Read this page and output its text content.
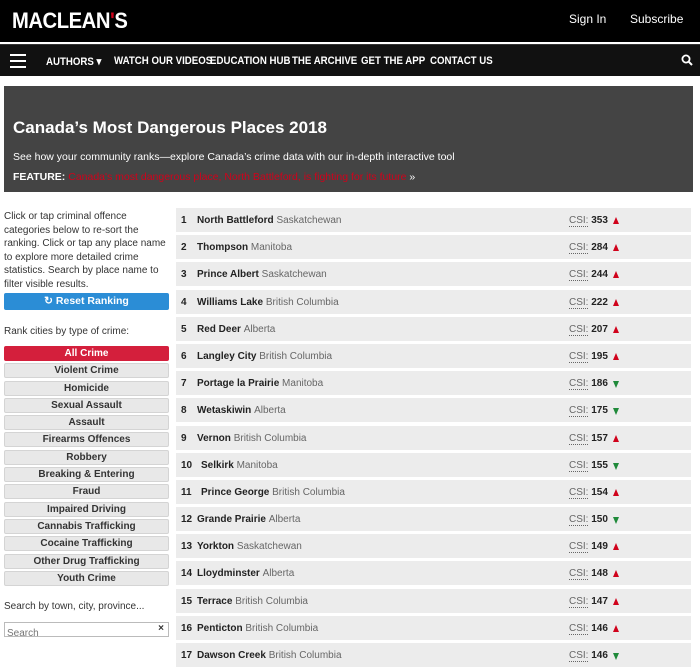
MACLEAN'S	Sign In Subscribe
AUTHORS ▾ WATCH OUR VIDEOS
EDUCATION HUB THE ARCHIVE GET THE APP CONTACT US
Canada’s Most Dangerous Places 2018
See how your community ranks—explore Canada’s crime data with our in-depth interactive tool
FEATURE: Canada's most dangerous place, North Battleford, is fighting for its future »
Click or tap criminal offence categories below to re-sort the ranking. Click or tap any place name to explore more detailed crime statistics. Search by place name to filter visible results.
↻ Reset Ranking
Rank cities by type of crime:
All Crime
Violent Crime
Homicide
Sexual Assault
Assault
Firearms Offences
Robbery
Breaking & Entering
Fraud
Impaired Driving
Cannabis Trafficking
Cocaine Trafficking
Other Drug Trafficking
Youth Crime
Search by town, city, province...
Search
×
1 North Battleford Saskatchewan	CSI: 353
2 Thompson Manitoba	CSI: 284
3 Prince Albert Saskatchewan	CSI: 244
4 Williams Lake British Columbia	CSI: 222
5 Red Deer Alberta	CSI: 207
6 Langley City British Columbia	CSI: 195
7 Portage la Prairie Manitoba	CSI: 186
8 Wetaskiwin Alberta	CSI: 175
9 Vernon British Columbia	CSI: 157
10 Selkirk Manitoba	CSI: 155
11 Prince George British Columbia	CSI: 154
12 Grande Prairie Alberta	CSI: 150
13 Yorkton Saskatchewan	CSI: 149
14 Lloydminster Alberta	CSI: 148
15 Terrace British Columbia	CSI: 147
16 Penticton British Columbia	CSI: 146
17 Dawson Creek British Columbia	CSI: 146
